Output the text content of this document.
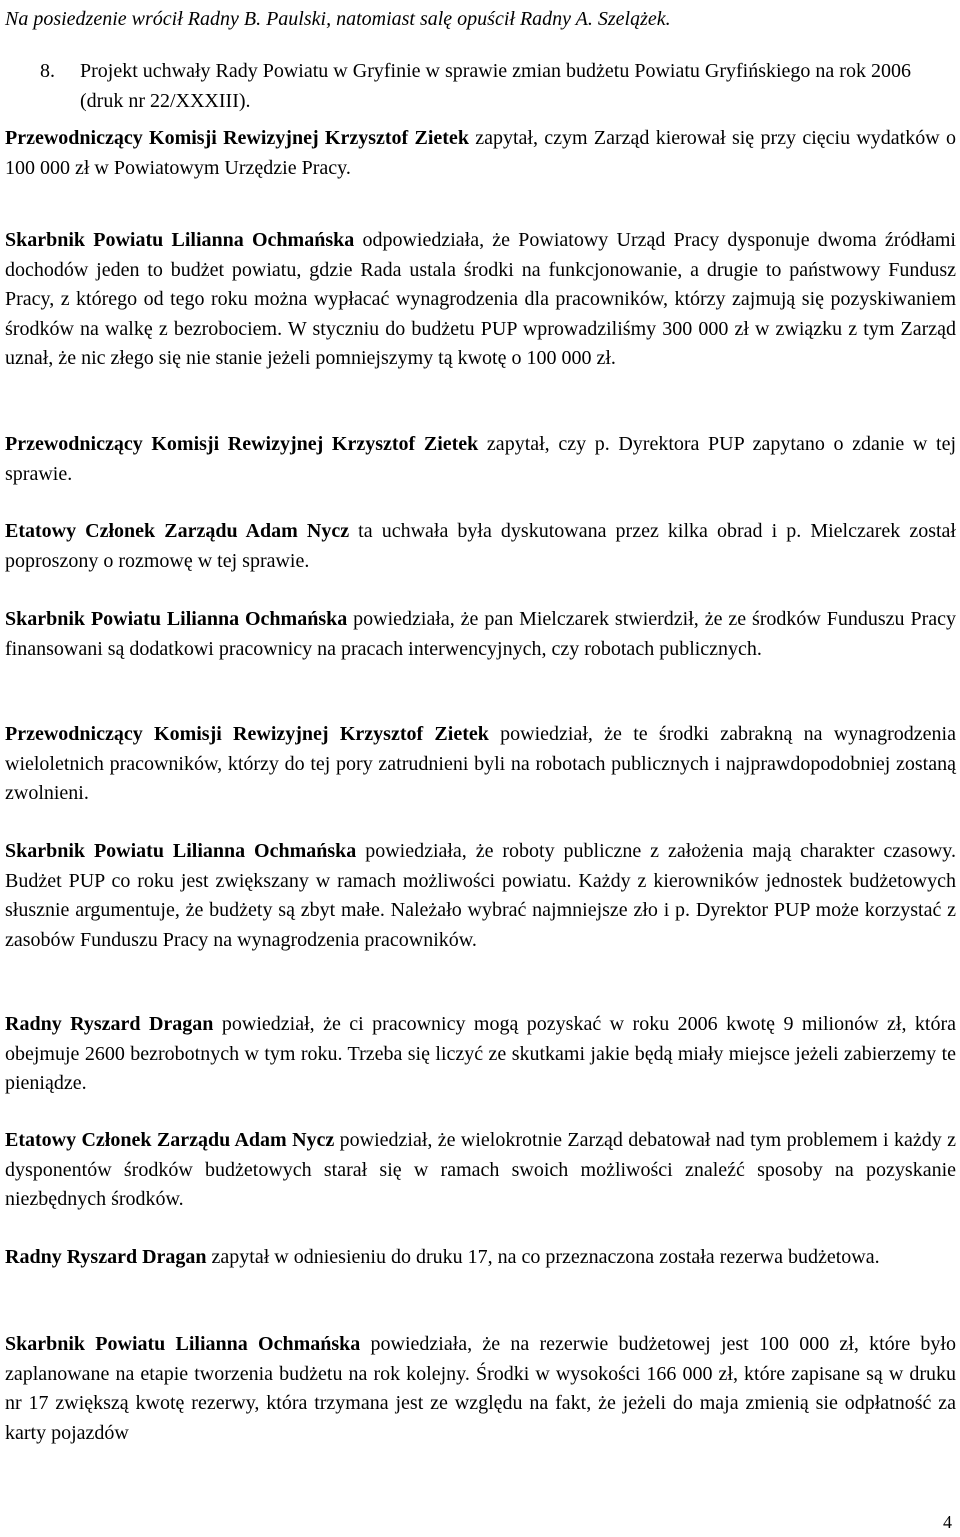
Na posiedzenie wrócił Radny B. Paulski, natomiast salę opuścił Radny A. Szelążek.
8. Projekt uchwały Rady Powiatu w Gryfinie w sprawie zmian budżetu Powiatu Gryfińskiego na rok 2006 (druk nr 22/XXXIII).

Przewodniczący Komisji Rewizyjnej Krzysztof Zietek zapytał, czym Zarząd kierował się przy cięciu wydatków o 100 000 zł w Powiatowym Urzędzie Pracy.

Skarbnik Powiatu Lilianna Ochmańska odpowiedziała, że Powiatowy Urząd Pracy dysponuje dwoma źródłami dochodów jeden to budżet powiatu, gdzie Rada ustala środki na funkcjonowanie, a drugie to państwowy Fundusz Pracy, z którego od tego roku można wypłacać wynagrodzenia dla pracowników, którzy zajmują się pozyskiwaniem środków na walkę z bezrobociem. W styczniu do budżetu PUP wprowadziliśmy 300 000 zł w związku z tym Zarząd uznał, że nic złego się nie stanie jeżeli pomniejszymy tą kwotę o 100 000 zł.

Przewodniczący Komisji Rewizyjnej Krzysztof Zietek zapytał, czy p. Dyrektora PUP zapytano o zdanie w tej sprawie.

Etatowy Członek Zarządu Adam Nycz ta uchwała była dyskutowana przez kilka obrad i p. Mielczarek został poproszony o rozmowę w tej sprawie.

Skarbnik Powiatu Lilianna Ochmańska powiedziała, że pan Mielczarek stwierdził, że ze środków Funduszu Pracy finansowani są dodatkowi pracownicy na pracach interwencyjnych, czy robotach publicznych.

Przewodniczący Komisji Rewizyjnej Krzysztof Zietek powiedział, że te środki zabrakną na wynagrodzenia wieloletnich pracowników, którzy do tej pory zatrudnieni byli na robotach publicznych i najprawdopodobniej zostaną zwolnieni.

Skarbnik Powiatu Lilianna Ochmańska powiedziała, że roboty publiczne z założenia mają charakter czasowy. Budżet PUP co roku jest zwiększany w ramach możliwości powiatu. Każdy z kierowników jednostek budżetowych słusznie argumentuje, że budżety są zbyt małe. Należało wybrać najmniejsze zło i p. Dyrektor PUP może korzystać z zasobów Funduszu Pracy na wynagrodzenia pracowników.

Radny Ryszard Dragan powiedział, że ci pracownicy mogą pozyskać w roku 2006 kwotę 9 milionów zł, która obejmuje 2600 bezrobotnych w tym roku. Trzeba się liczyć ze skutkami jakie będą miały miejsce jeżeli zabierzemy te pieniądze.

Etatowy Członek Zarządu Adam Nycz powiedział, że wielokrotnie Zarząd debatował nad tym problemem i każdy z dysponentów środków budżetowych starał się w ramach swoich możliwości znaleźć sposoby na pozyskanie niezbędnych środków.

Radny Ryszard Dragan zapytał w odniesieniu do druku 17, na co przeznaczona została rezerwa budżetowa.

Skarbnik Powiatu Lilianna Ochmańska powiedziała, że na rezerwie budżetowej jest 100 000 zł, które było zaplanowane na etapie tworzenia budżetu na rok kolejny. Środki w wysokości 166 000 zł, które zapisane są w druku nr 17 zwiększą kwotę rezerwy, która trzymana jest ze względu na fakt, że jeżeli do maja zmienią sie odpłatność za karty pojazdów

4
